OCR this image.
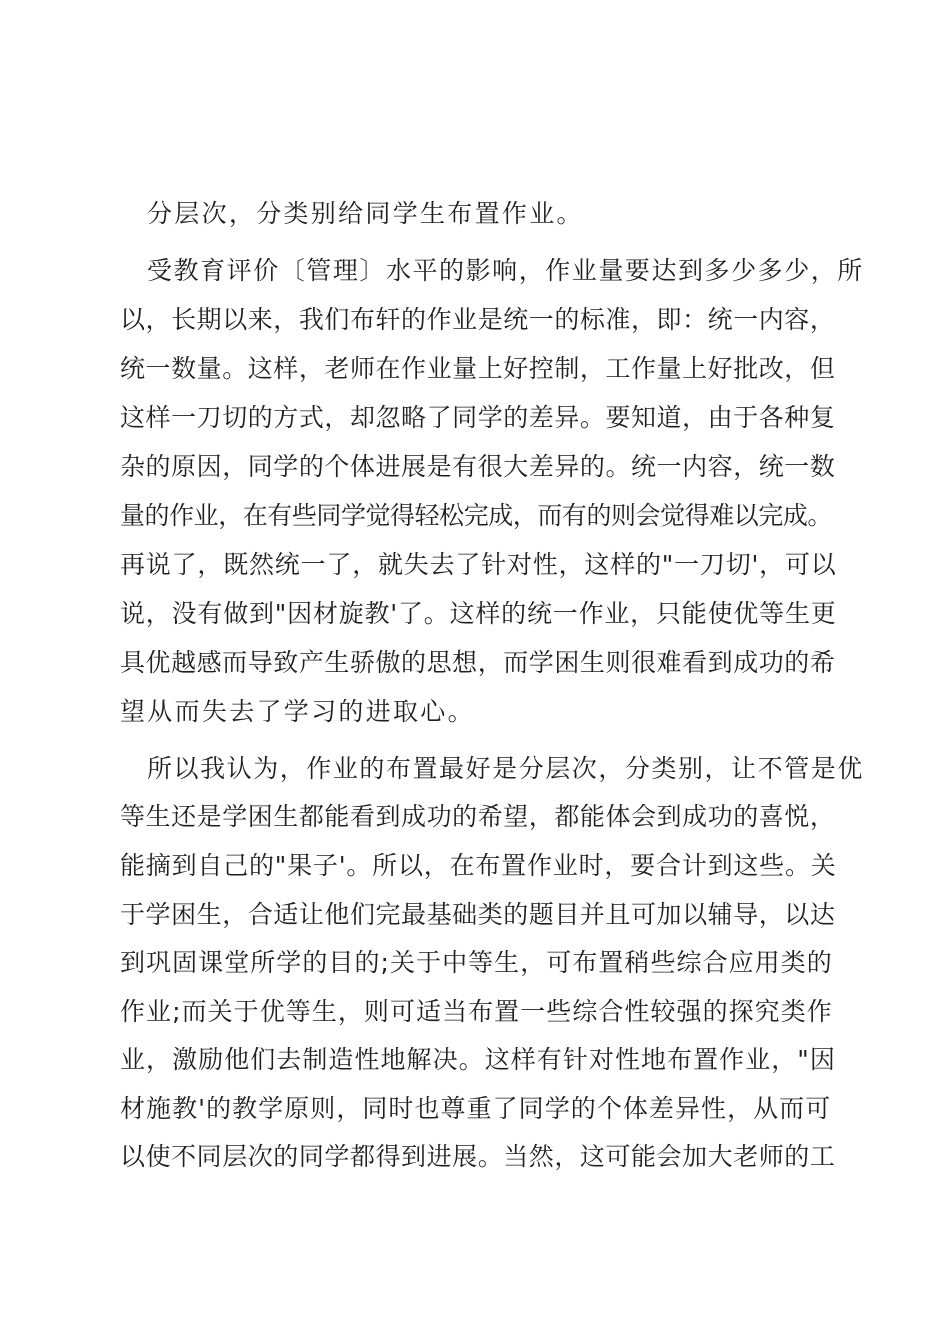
分层次，分类别给同学生布置作业。
受教育评价〔管理〕水平的影响，作业量要达到多少多少，所
以，长期以来，我们布轩的作业是统一的标准，即：统一内容，
统一数量。这样，老师在作业量上好控制，工作量上好批改，但
这样一刀切的方式，却忽略了同学的差异。要知道，由于各种复
杂的原因，同学的个体进展是有很大差异的。统一内容，统一数
量的作业，在有些同学觉得轻松完成，而有的则会觉得难以完成。
再说了，既然统一了，就失去了针对性，这样的"一刀切'，可以
说，没有做到"因材旋教'了。这样的统一作业，只能使优等生更
具优越感而导致产生骄傲的思想，而学困生则很难看到成功的希
望从而失去了学习的进取心。
所以我认为，作业的布置最好是分层次，分类别，让不管是优
等生还是学困生都能看到成功的希望，都能体会到成功的喜悦，
能摘到自己的"果子'。所以，在布置作业时，要合计到这些。关
于学困生，合适让他们完最基础类的题目并且可加以辅导，以达
到巩固课堂所学的目的;关于中等生，可布置稍些综合应用类的
作业;而关于优等生，则可适当布置一些综合性较强的探究类作
业，激励他们去制造性地解决。这样有针对性地布置作业，"因
材施教'的教学原则，同时也尊重了同学的个体差异性，从而可
以使不同层次的同学都得到进展。当然，这可能会加大老师的工
